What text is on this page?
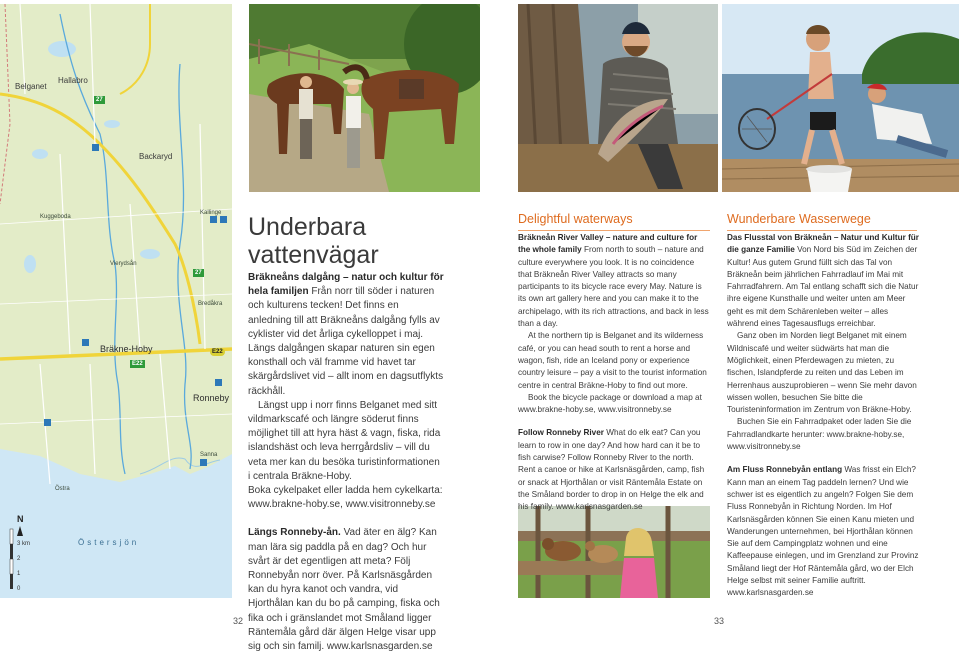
Belganet
Hallabro
Backaryd
Bräkne-Hoby
Ronneby
Östersjön
Kallinge
Sanna
Kuggeboda
Vierydsån
Östra
Bredåkra
27
27
E22
E22
N
3 km
2
1
0
Underbara
vattenvägar

Bräkneåns dalgång – natur och kultur för hela familjen Från norr till söder i naturen och kulturens tecken! Det finns en anledning till att Bräkneåns dalgång fylls av cyklister vid det årliga cykelloppet i maj. Längs dalgången skapar naturen sin egen konsthall och väl framme vid havet tar skärgårdslivet vid – allt inom en dagsutflykts räckhåll.

Längst upp i norr finns Belganet med sitt vildmarkscafé och längre söderut finns möjlighet till att hyra häst & vagn, fiska, rida islandshäst och leva herrgårdsliv – vill du veta mer kan du besöka turistinformationen i centrala Bräkne-Hoby.

Boka cykelpaket eller ladda hem cykelkarta: www.brakne-hoby.se, www.visitronneby.se

Längs Ronneby-ån. Vad äter en älg? Kan man lära sig paddla på en dag? Och hur svårt är det egentligen att meta? Följ Ronnebyån norr över. På Karlsnäsgården kan du hyra kanot och vandra, vid Hjorthålan kan du bo på camping, fiska och fika och i gränslandet mot Småland ligger Räntemåla gård där älgen Helge visar upp sig och sin familj. www.karlsnasgarden.se

32
Delightful waterways

Bräkneån River Valley – nature and culture for the whole family From north to south – nature and culture everywhere you look. It is no coincidence that Bräkneån River Valley attracts so many participants to its bicycle race every May. Nature is its own art gallery here and you can make it to the archipelago, with its rich attractions, and back in less than a day.

At the northern tip is Belganet and its wilderness café, or you can head south to rent a horse and wagon, fish, ride an Iceland pony or experience country leisure – pay a visit to the tourist information centre in central Bräkne-Hoby to find out more.

Book the bicycle package or download a map at www.brakne-hoby.se, www.visitronneby.se

Follow Ronneby River What do elk eat? Can you learn to row in one day? And how hard can it be to fish carwise? Follow Ronneby River to the north. Rent a canoe or hike at Karlsnäsgården, camp, fish or snack at Hjorthålan or visit Räntemåla Estate on the Småland border to drop in on Helge the elk and his family. www.karlsnasgarden.se

Wunderbare Wasserwege

Das Flusstal von Bräkneån – Natur und Kultur für die ganze Familie Von Nord bis Süd im Zeichen der Kultur! Aus gutem Grund füllt sich das Tal von Bräkneån beim jährlichen Fahrradlauf im Mai mit Fahrradfahrern. Am Tal entlang schafft sich die Natur ihre eigene Kunsthalle und weiter unten am Meer geht es mit dem Schärenleben weiter – alles während eines Tagesausflugs erreichbar.

Ganz oben im Norden liegt Belganet mit einem Wildniscafé und weiter südwärts hat man die Möglichkeit, einen Pferdewagen zu mieten, zu fischen, Islandpferde zu reiten und das Leben im Herrenhaus auszuprobieren – wenn Sie mehr davon wissen wollen, besuchen Sie bitte die Touristeninformation im Zentrum von Bräkne-Hoby.

Buchen Sie ein Fahrradpaket oder laden Sie die Fahrradlandkarte herunter: www.brakne-hoby.se, www.visitronneby.se

Am Fluss Ronnebyån entlang Was frisst ein Elch? Kann man an einem Tag paddeln lernen? Und wie schwer ist es eigentlich zu angeln? Folgen Sie dem Fluss Ronnebyån in Richtung Norden. Im Hof Karlsnäsgården können Sie einen Kanu mieten und Wanderungen unternehmen, bei Hjorthålan können Sie auf dem Campingplatz wohnen und eine Kaffeepause einlegen, und im Grenzland zur Provinz Småland liegt der Hof Räntemåla gård, wo der Elch Helge selbst mit seiner Familie auftritt. www.karlsnasgarden.se

33
